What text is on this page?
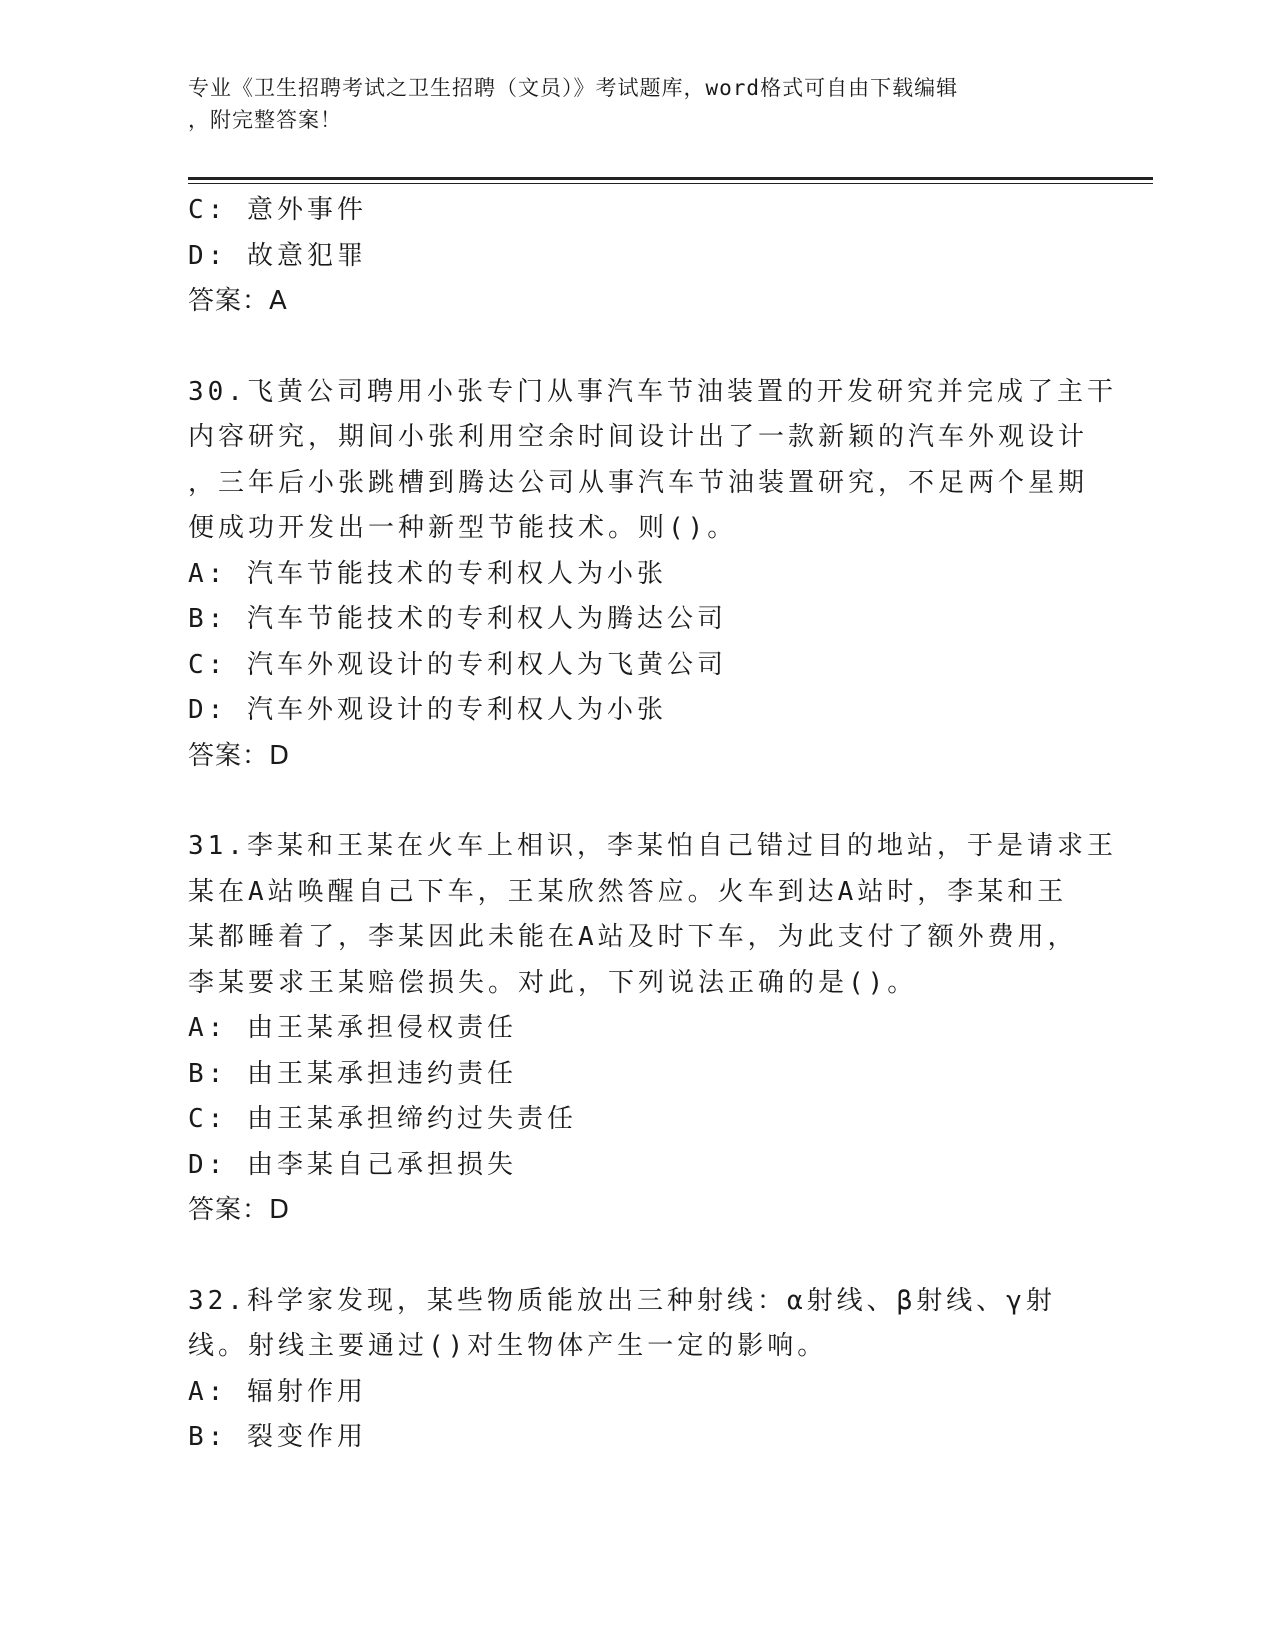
专业《卫生招聘考试之卫生招聘（文员）》考试题库，word格式可自由下载编辑
，附完整答案！
C: 意外事件
D: 故意犯罪
答案：A
30.飞黄公司聘用小张专门从事汽车节油装置的开发研究并完成了主干
内容研究，期间小张利用空余时间设计出了一款新颖的汽车外观设计
，三年后小张跳槽到腾达公司从事汽车节油装置研究，不足两个星期
便成功开发出一种新型节能技术。则()。
A: 汽车节能技术的专利权人为小张
B: 汽车节能技术的专利权人为腾达公司
C: 汽车外观设计的专利权人为飞黄公司
D: 汽车外观设计的专利权人为小张
答案：D
31.李某和王某在火车上相识，李某怕自己错过目的地站，于是请求王
某在A站唤醒自己下车，王某欣然答应。火车到达A站时，李某和王
某都睡着了，李某因此未能在A站及时下车，为此支付了额外费用，
李某要求王某赔偿损失。对此，下列说法正确的是()。
A: 由王某承担侵权责任
B: 由王某承担违约责任
C: 由王某承担缔约过失责任
D: 由李某自己承担损失
答案：D
32.科学家发现，某些物质能放出三种射线：α射线、β射线、γ射
线。射线主要通过()对生物体产生一定的影响。
A: 辐射作用
B: 裂变作用
